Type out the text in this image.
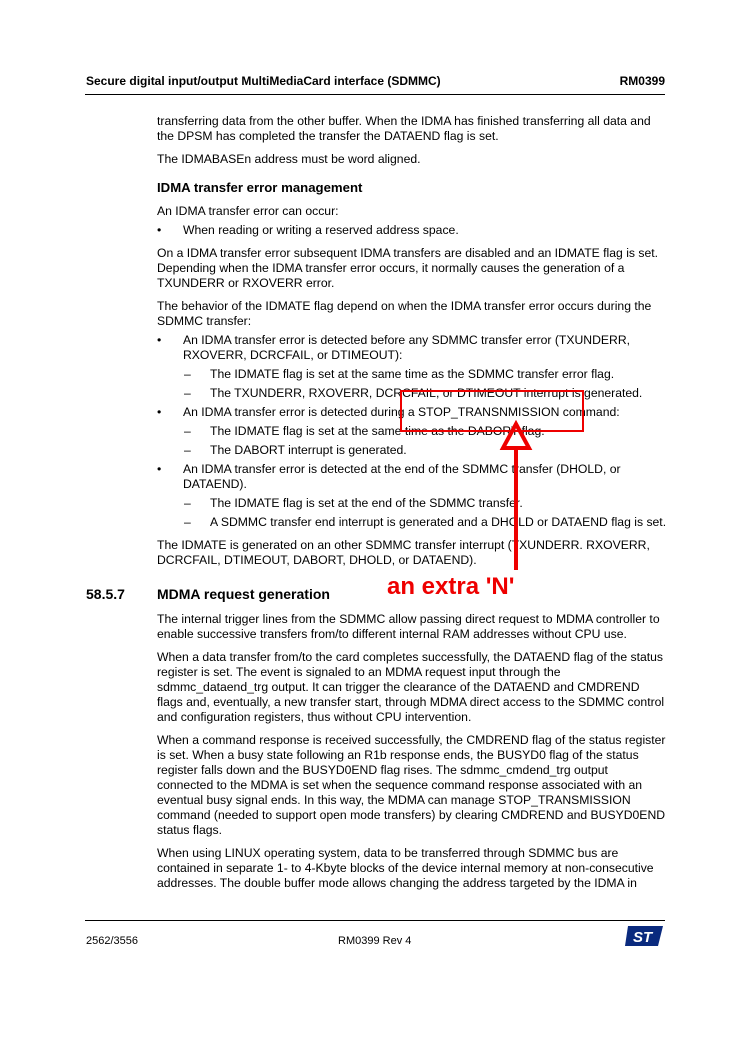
Secure digital input/output MultiMediaCard interface (SDMMC)	RM0399

transferring data from the other buffer. When the IDMA has finished transferring all data and the DPSM has completed the transfer the DATAEND flag is set.

The IDMABASEn address must be word aligned.

IDMA transfer error management

An IDMA transfer error can occur:

• When reading or writing a reserved address space.

On a IDMA transfer error subsequent IDMA transfers are disabled and an IDMATE flag is set. Depending when the IDMA transfer error occurs, it normally causes the generation of a TXUNDERR or RXOVERR error.

The behavior of the IDMATE flag depend on when the IDMA transfer error occurs during the SDMMC transfer:

• An IDMA transfer error is detected before any SDMMC transfer error (TXUNDERR, RXOVERR, DCRCFAIL, or DTIMEOUT):
– The IDMATE flag is set at the same time as the SDMMC transfer error flag.
– The TXUNDERR, RXOVERR, DCRCFAIL, or DTIMEOUT interrupt is generated.
• An IDMA transfer error is detected during a STOP_TRANSNMISSION command:
– The IDMATE flag is set at the same time as the DABORT flag.
– The DABORT interrupt is generated.
• An IDMA transfer error is detected at the end of the SDMMC transfer (DHOLD, or DATAEND).
– The IDMATE flag is set at the end of the SDMMC transfer.
– A SDMMC transfer end interrupt is generated and a DHOLD or DATAEND flag is set.

The IDMATE is generated on an other SDMMC transfer interrupt (TXUNDERR. RXOVERR, DCRCFAIL, DTIMEOUT, DABORT, DHOLD, or DATAEND).

58.5.7 MDMA request generation

The internal trigger lines from the SDMMC allow passing direct request to MDMA controller to enable successive transfers from/to different internal RAM addresses without CPU use.

When a data transfer from/to the card completes successfully, the DATAEND flag of the status register is set. The event is signaled to an MDMA request input through the sdmmc_dataend_trg output. It can trigger the clearance of the DATAEND and CMDREND flags and, eventually, a new transfer start, through MDMA direct access to the SDMMC control and configuration registers, thus without CPU intervention.

When a command response is received successfully, the CMDREND flag of the status register is set. When a busy state following an R1b response ends, the BUSYD0 flag of the status register falls down and the BUSYD0END flag rises. The sdmmc_cmdend_trg output connected to the MDMA is set when the sequence command response associated with an eventual busy signal ends. In this way, the MDMA can manage STOP_TRANSMISSION command (needed to support open mode transfers) by clearing CMDREND and BUSYD0END status flags.

When using LINUX operating system, data to be transferred through SDMMC bus are contained in separate 1- to 4-Kbyte blocks of the device internal memory at non-consecutive addresses. The double buffer mode allows changing the address targeted by the IDMA in

an extra 'N'
2562/3556	RM0399 Rev 4	ST
